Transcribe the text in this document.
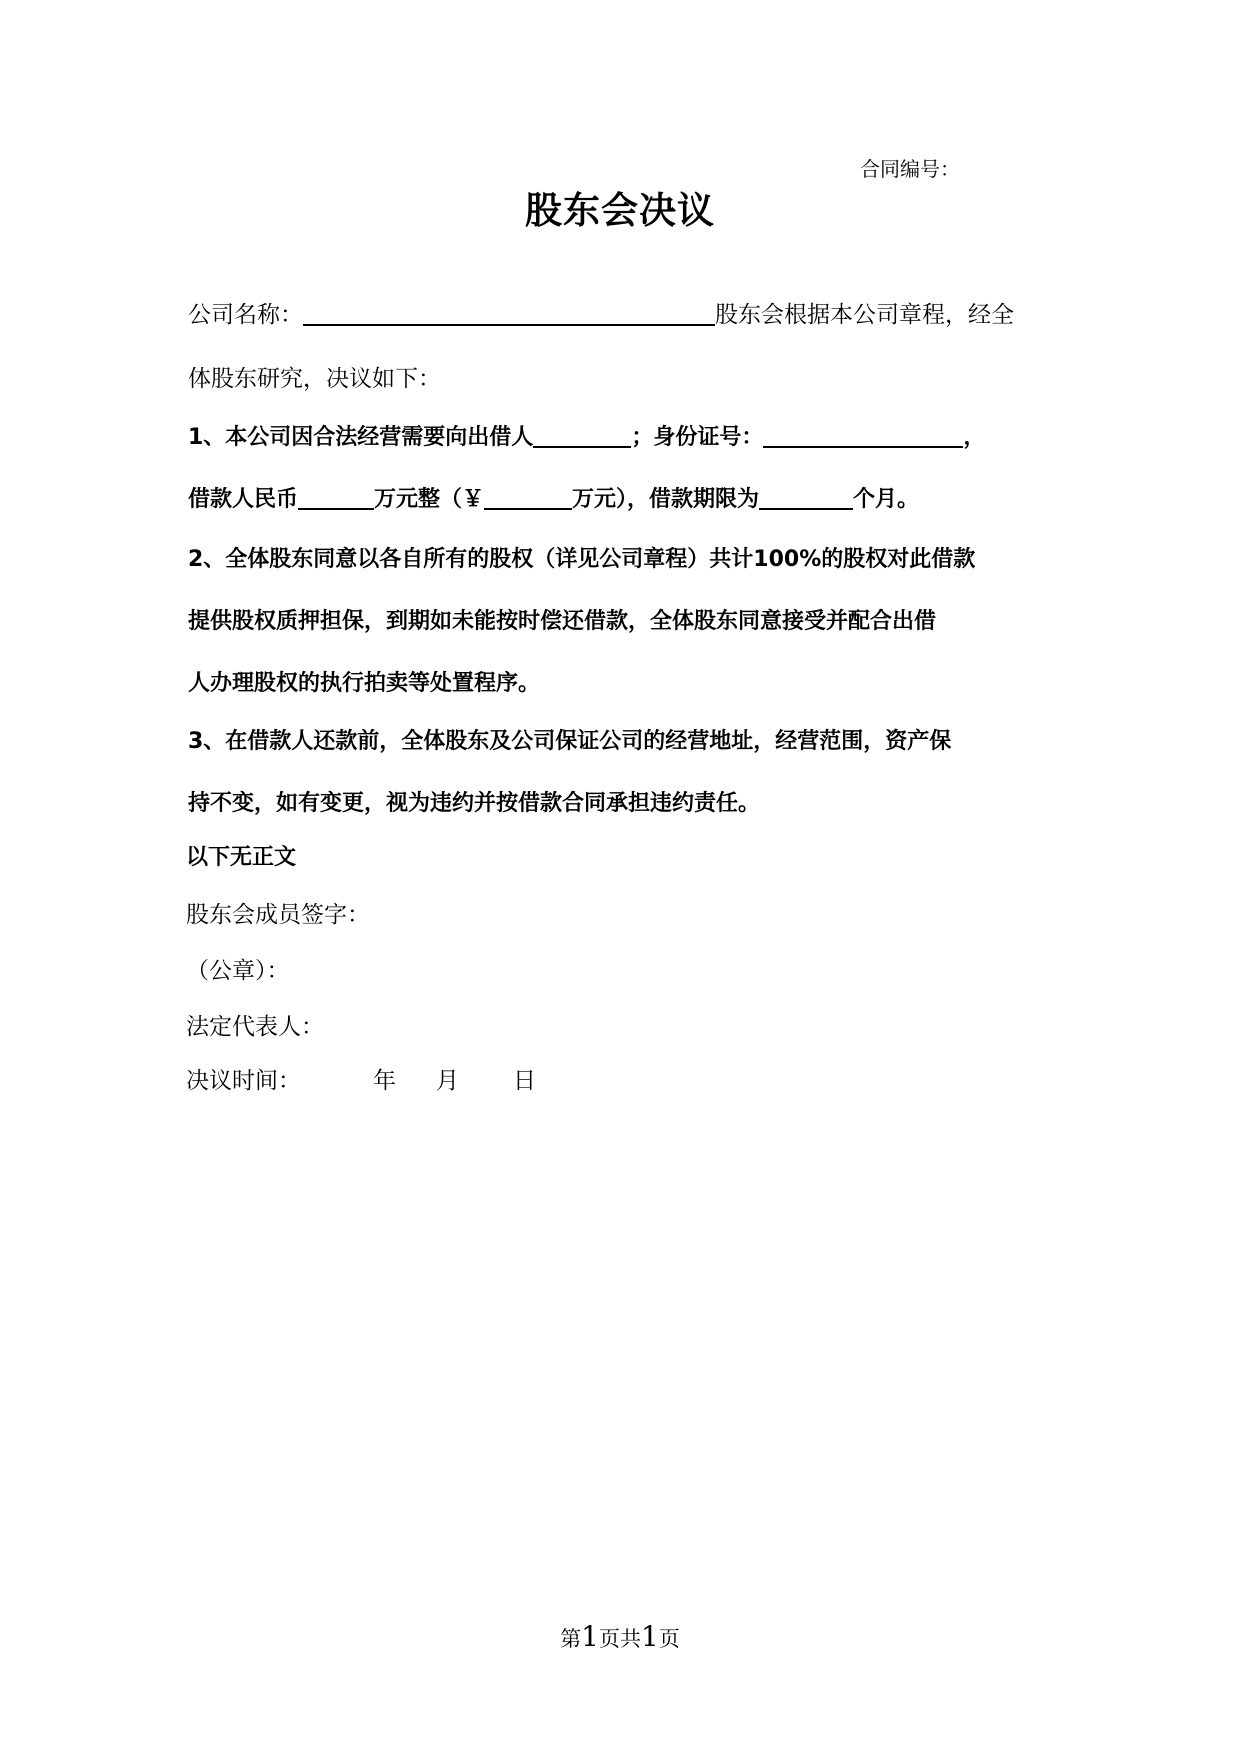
合同编号：
股东会决议
公司名称：	股东会根据本公司章程，经全
体股东研究，决议如下：
1、本公司因合法经营需要向出借人	；身份证号：	，
借款人民币	万元整（￥	万元），借款期限为	个月。
2、全体股东同意以各自所有的股权（详见公司章程）共计100%的股权对此借款
提供股权质押担保，到期如未能按时偿还借款，全体股东同意接受并配合出借
人办理股权的执行拍卖等处置程序。
3、在借款人还款前，全体股东及公司保证公司的经营地址，经营范围，资产保
持不变，如有变更，视为违约并按借款合同承担违约责任。
以下无正文
股东会成员签字：
（公章）：
法定代表人：
决议时间：	年 月 日
第1页共1页
